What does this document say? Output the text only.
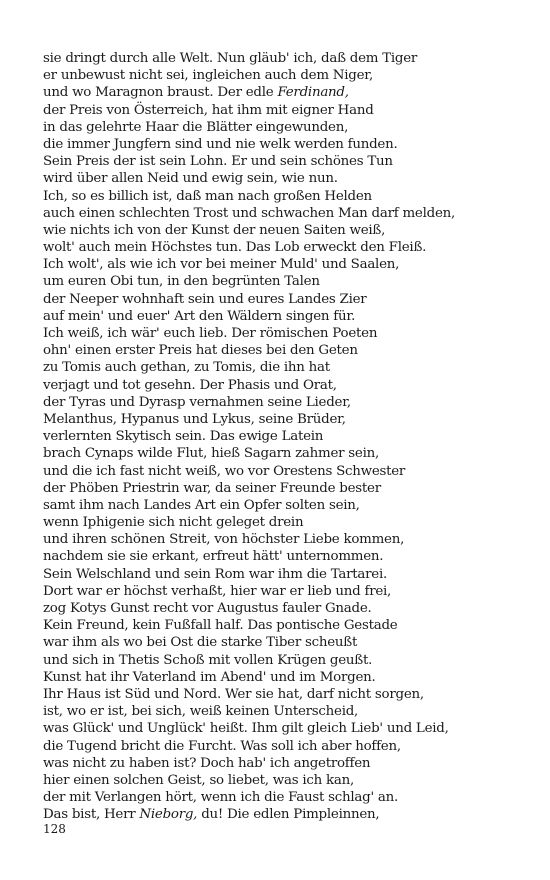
sie dringt durch alle Welt. Nun gläub' ich, daß dem Tiger
er unbewust nicht sei, ingleichen auch dem Niger,
und wo Maragnon braust. Der edle Ferdinand,
der Preis von Österreich, hat ihm mit eigner Hand
in das gelehrte Haar die Blätter eingewunden,
die immer Jungfern sind und nie welk werden funden.
Sein Preis der ist sein Lohn. Er und sein schönes Tun
wird über allen Neid und ewig sein, wie nun.
Ich, so es billich ist, daß man nach großen Helden
auch einen schlechten Trost und schwachen Man darf melden,
wie nichts ich von der Kunst der neuen Saiten weiß,
wolt' auch mein Höchstes tun. Das Lob erweckt den Fleiß.
Ich wolt', als wie ich vor bei meiner Muld' und Saalen,
um euren Obi tun, in den begrünten Talen
der Neeper wohnhaft sein und eures Landes Zier
auf mein' und euer' Art den Wäldern singen für.
Ich weiß, ich wär' euch lieb. Der römischen Poeten
ohn' einen erster Preis hat dieses bei den Geten
zu Tomis auch gethan, zu Tomis, die ihn hat
verjagt und tot gesehn. Der Phasis und Orat,
der Tyras und Dyrasp vernahmen seine Lieder,
Melanthus, Hypanus und Lykus, seine Brüder,
verlernten Skytisch sein. Das ewige Latein
brach Cynaps wilde Flut, hieß Sagarn zahmer sein,
und die ich fast nicht weiß, wo vor Orestens Schwester
der Phöben Priestrin war, da seiner Freunde bester
samt ihm nach Landes Art ein Opfer solten sein,
wenn Iphigenie sich nicht geleget drein
und ihren schönen Streit, von höchster Liebe kommen,
nachdem sie sie erkant, erfreut hätt' unternommen.
Sein Welschland und sein Rom war ihm die Tartarei.
Dort war er höchst verhaßt, hier war er lieb und frei,
zog Kotys Gunst recht vor Augustus fauler Gnade.
Kein Freund, kein Fußfall half. Das pontische Gestade
war ihm als wo bei Ost die starke Tiber scheußt
und sich in Thetis Schoß mit vollen Krügen geußt.
Kunst hat ihr Vaterland im Abend' und im Morgen.
Ihr Haus ist Süd und Nord. Wer sie hat, darf nicht sorgen,
ist, wo er ist, bei sich, weiß keinen Unterscheid,
was Glück' und Unglück' heißt. Ihm gilt gleich Lieb' und Leid,
die Tugend bricht die Furcht. Was soll ich aber hoffen,
was nicht zu haben ist? Doch hab' ich angetroffen
hier einen solchen Geist, so liebet, was ich kan,
der mit Verlangen hört, wenn ich die Faust schlag' an.
Das bist, Herr Nieborg, du! Die edlen Pimpleinnen,
128
